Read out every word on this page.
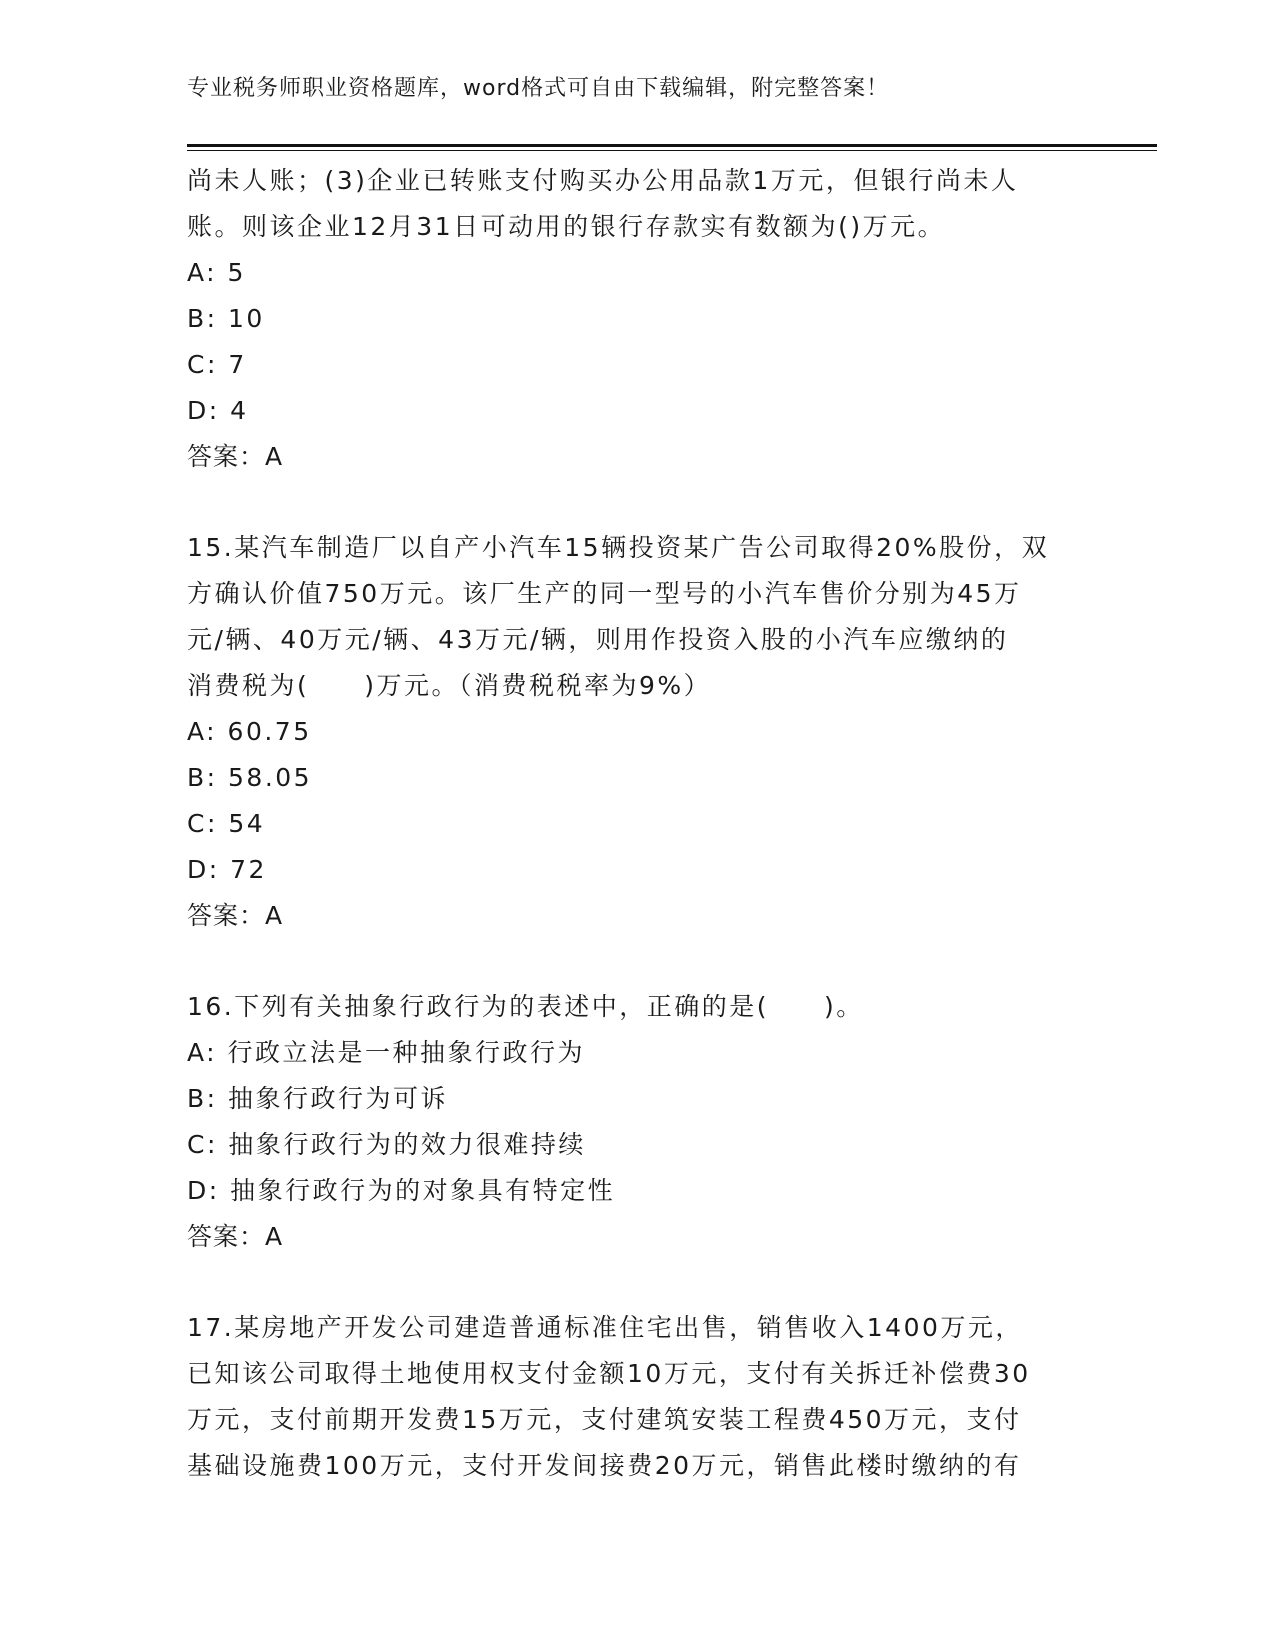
专业税务师职业资格题库，word格式可自由下载编辑，附完整答案！
尚未人账；(3)企业已转账支付购买办公用品款1万元，但银行尚未人
账。则该企业12月31日可动用的银行存款实有数额为()万元。
A: 5
B: 10
C: 7
D: 4
答案：A
15.某汽车制造厂以自产小汽车15辆投资某广告公司取得20%股份，双
方确认价值750万元。该厂生产的同一型号的小汽车售价分别为45万
元/辆、40万元/辆、43万元/辆，则用作投资入股的小汽车应缴纳的
消费税为(　　)万元。（消费税税率为9%）
A: 60.75
B: 58.05
C: 54
D: 72
答案：A
16.下列有关抽象行政行为的表述中，正确的是(　　)。
A: 行政立法是一种抽象行政行为
B: 抽象行政行为可诉
C: 抽象行政行为的效力很难持续
D: 抽象行政行为的对象具有特定性
答案：A
17.某房地产开发公司建造普通标准住宅出售，销售收入1400万元，
已知该公司取得土地使用权支付金额10万元，支付有关拆迁补偿费30
万元，支付前期开发费15万元，支付建筑安装工程费450万元，支付
基础设施费100万元，支付开发间接费20万元，销售此楼时缴纳的有
